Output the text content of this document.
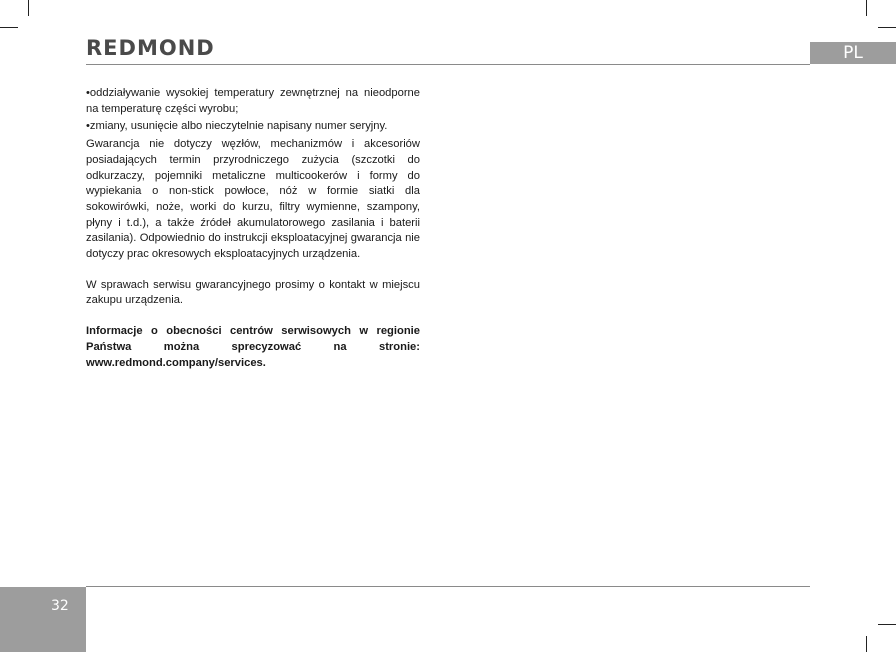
REDMOND	PL

•oddziaływanie wysokiej temperatury zewnętrznej na nieodporne na temperaturę części wyrobu;

•zmiany, usunięcie albo nieczytelnie napisany numer seryjny.

Gwarancja nie dotyczy węzłów, mechanizmów i akcesoriów posiadających termin przyrodniczego zużycia (szczotki do odkurzaczy, pojemniki metaliczne multicookerów i formy do wypiekania o non-stick powłoce, nóż w formie siatki dla sokowirówki, noże, worki do kurzu, filtry wymienne, szampony, płyny i t.d.), a także źródeł akumulatorowego zasilania i baterii zasilania). Odpowiednio do instrukcji eksploatacyjnej gwarancja nie dotyczy prac okresowych eksploatacyjnych urządzenia.

W sprawach serwisu gwarancyjnego prosimy o kontakt w miejscu zakupu urządzenia.

Informacje o obecności centrów serwisowych w regionie Państwa można sprecyzować na stronie: www.redmond.company/services.

32
